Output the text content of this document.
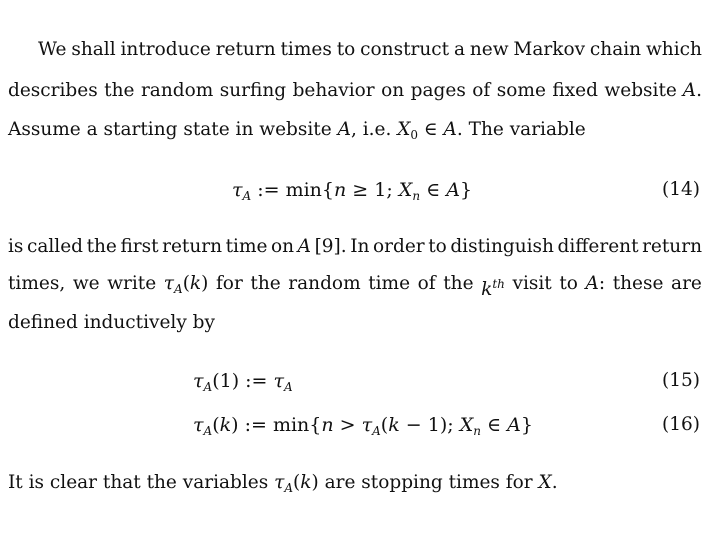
We shall introduce return times to construct a new Markov chain which
describes the random surfing behavior on pages of some fixed website A.
Assume a starting state in website A, i.e. $X_0$ ∈ A. The variable
$\tau_A$ := min{n ≥ 1; $X_n$ ∈ A}	(14)
is called the first return time on A [9]. In order to distinguish different return
times, we write $\tau_A(k)$ for the random time of the $k^{th}$ visit to A: these are
defined inductively by
$\tau_A(1)$ := $\tau_A$	(15)
$\tau_A(k)$ := $\min\{n > \tau_A(k - 1)$; $X_n$ ∈ A}	(16)
It is clear that the variables $\tau_A(k)$ are stopping times for X.
